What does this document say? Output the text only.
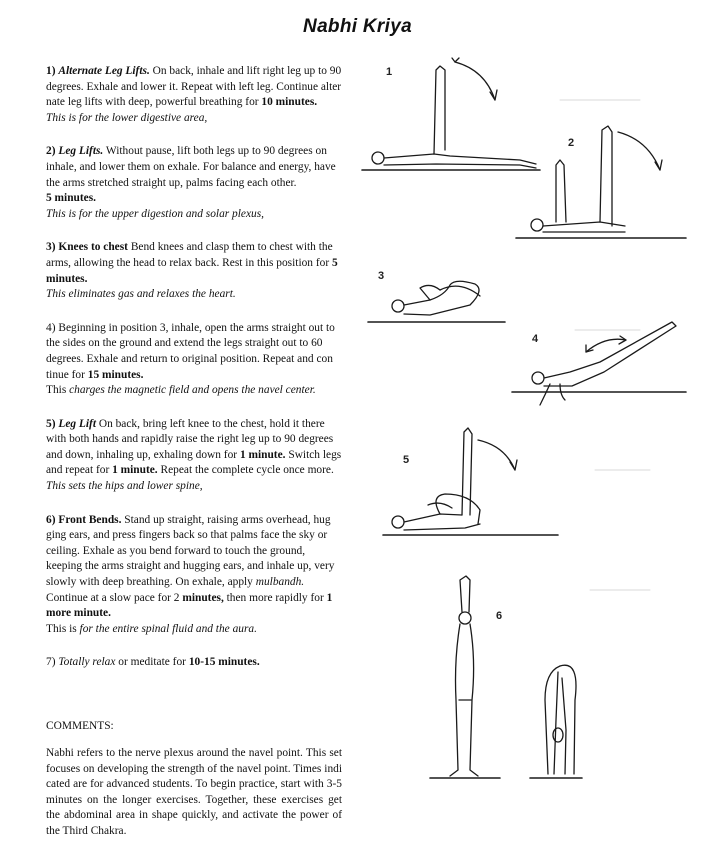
Nabhi Kriya

1) Alternate Leg Lifts. On back, inhale and lift right leg up to 90 degrees. Exhale and lower it. Repeat with left leg. Continue alter nate leg lifts with deep, powerful breathing for 10 minutes.

This is for the lower digestive area,

2) Leg Lifts. Without pause, lift both legs up to 90 degrees on inhale, and lower them on exhale. For balance and energy, have the arms stretched straight up, palms facing each other.

5 minutes.

This is for the upper digestion and solar plexus,

3) Knees to chest Bend knees and clasp them to chest with the arms, allowing the head to relax back. Rest in this position for 5 minutes.

This eliminates gas and relaxes the heart.

4) Beginning in position 3, inhale, open the arms straight out to the sides on the ground and extend the legs straight out to 60 degrees. Exhale and return to original position. Repeat and con tinue for 15 minutes.

This charges the magnetic field and opens the navel center.

5) Leg Lift On back, bring left knee to the chest, hold it there with both hands and rapidly raise the right leg up to 90 degrees and down, inhaling up, exhaling down for 1 minute. Switch legs and repeat for 1 minute. Repeat the complete cycle once more.

This sets the hips and lower spine,

6) Front Bends. Stand up straight, raising arms overhead, hug ging ears, and press fingers back so that palms face the sky or ceiling. Exhale as you bend forward to touch the ground, keeping the arms straight and hugging ears, and inhale up, very slowly with deep breathing. On exhale, apply mulbandh. Continue at a slow pace for 2 minutes, then more rapidly for 1 more minute.

This is for the entire spinal fluid and the aura.

7) Totally relax or meditate for 10-15 minutes.

COMMENTS:

Nabhi refers to the nerve plexus around the navel point. This set focuses on developing the strength of the navel point. Times indi cated are for advanced students. To begin practice, start with 3-5 minutes on the longer exercises. Together, these exercises get the abdominal area in shape quickly, and activate the power of the Third Chakra.

1
2
3
4
5
6
